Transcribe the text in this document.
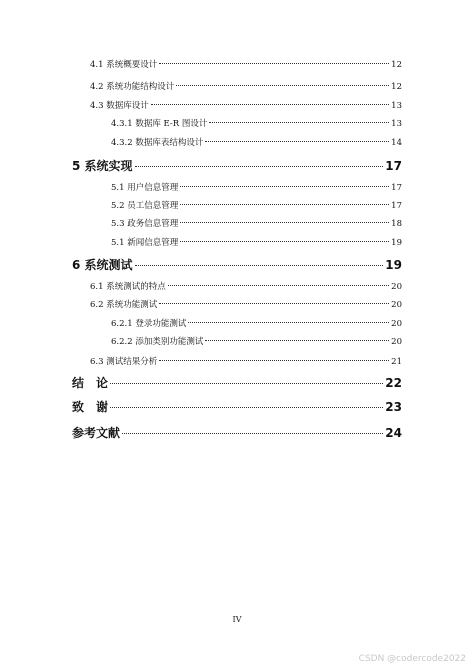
4.1 系统概要设计	12
4.2 系统功能结构设计	12
4.3 数据库设计	13
4.3.1 数据库 E-R 图设计	13
4.3.2 数据库表结构设计	14
5 系统实现	17
5.1 用户信息管理	17
5.2 员工信息管理	17
5.3 政务信息管理	18
5.1 新闻信息管理	19
6 系统测试	19
6.1 系统测试的特点	20
6.2 系统功能测试	20
6.2.1 登录功能测试	20
6.2.2 添加类别功能测试	20
6.3 测试结果分析	21
结　论	22
致　谢	23
参考文献	24
IV
CSDN @codercode2022
